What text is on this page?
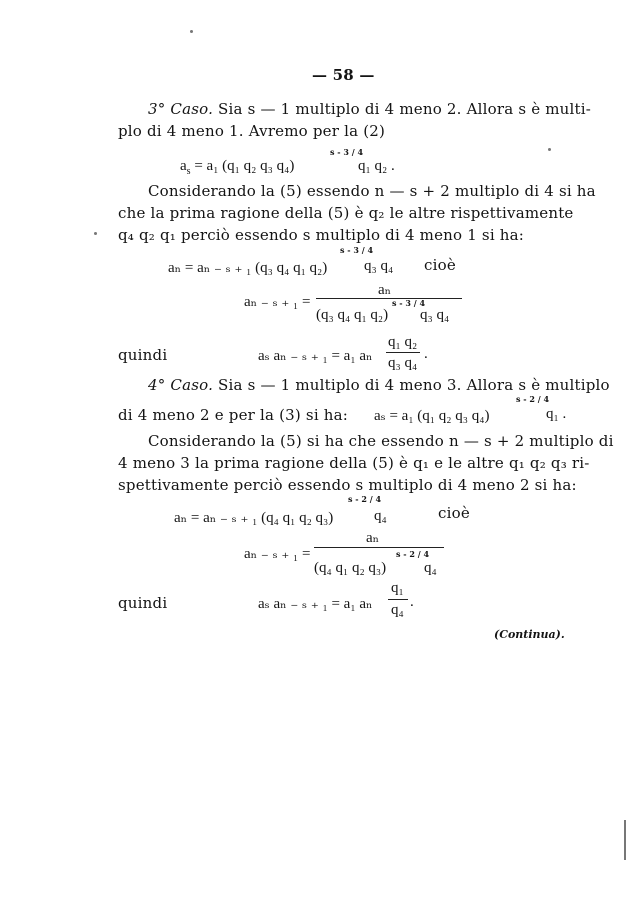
— 58 —
3° Caso. Sia s — 1 multiplo di 4 meno 2. Allora s è multi-
plo di 4 meno 1. Avremo per la (2)
$a_s = a_1$ (q₁ q₂ q₃ q₄)
s - 3 / 4
q₁ q₂ .
Considerando la (5) essendo n — s + 2 multiplo di 4 si ha
che la prima ragione della (5) è q₂ le altre rispettivamente
q₄ q₂ q₁ perciò essendo s multiplo di 4 meno 1 si ha:
aₙ = aₙ ₋ ₛ ₊ ₁ (q₃ q₄ q₁ q₂)
s - 3 / 4
q₃ q₄ cioè
aₙ ₋ ₛ ₊ ₁ =
aₙ
(q₃ q₄ q₁ q₂)
s - 3 / 4
q₃ q₄
quindi	aₛ aₙ ₋ ₛ ₊ ₁ = a₁ aₙ
q₁ q₂
q₃ q₄
.
4° Caso. Sia s — 1 multiplo di 4 meno 3. Allora s è multiplo
di 4 meno 2 e per la (3) si ha: aₛ = a₁ (q₁ q₂ q₃ q₄)
s - 2 / 4
q₁ .
Considerando la (5) si ha che essendo n — s + 2 multiplo di
4 meno 3 la prima ragione della (5) è q₁ e le altre q₁ q₂ q₃ ri-
spettivamente perciò essendo s multiplo di 4 meno 2 si ha:
aₙ = aₙ ₋ ₛ ₊ ₁ (q₄ q₁ q₂ q₃)
s - 2 / 4
q₄	cioè
aₙ ₋ ₛ ₊ ₁ =
aₙ
(q₄ q₁ q₂ q₃)
s - 2 / 4
q₄
quindi	aₛ aₙ ₋ ₛ ₊ ₁ = a₁ aₙ
q₁
q₄ .
(Continua).
